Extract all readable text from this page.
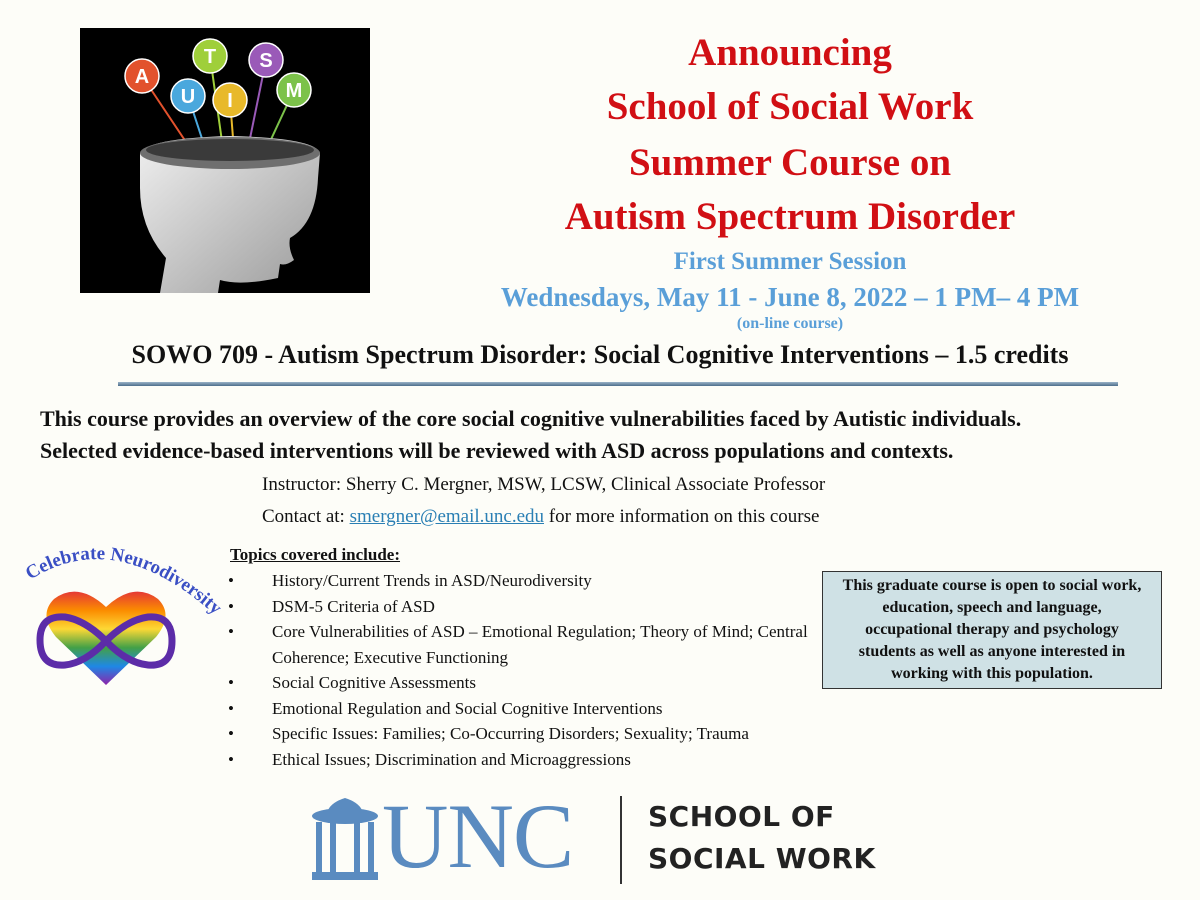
A
U
T
I
S
M
Announcing
School of Social Work
Summer Course on
Autism Spectrum Disorder
First Summer Session
Wednesdays, May 11 - June 8, 2022 – 1 PM– 4 PM
(on-line course)
SOWO 709 - Autism Spectrum Disorder: Social Cognitive Interventions – 1.5 credits
This course provides an overview of the core social cognitive vulnerabilities faced by Autistic individuals.
Selected evidence-based interventions will be reviewed with ASD across populations and contexts.
Instructor: Sherry C. Mergner, MSW, LCSW, Clinical Associate Professor
Contact at: smergner@email.unc.edu for more information on this course
Celebrate Neurodiversity
Topics covered include:
• History/Current Trends in ASD/Neurodiversity
• DSM-5 Criteria of ASD
• Core Vulnerabilities of ASD – Emotional Regulation; Theory of Mind; Central Coherence; Executive Functioning
• Social Cognitive Assessments
• Emotional Regulation and Social Cognitive Interventions
• Specific Issues: Families; Co-Occurring Disorders; Sexuality; Trauma
• Ethical Issues; Discrimination and Microaggressions
This graduate course is open to social work, education, speech and language, occupational therapy and psychology students as well as anyone interested in working with this population.
UNC	SCHOOL OF
SOCIAL WORK
